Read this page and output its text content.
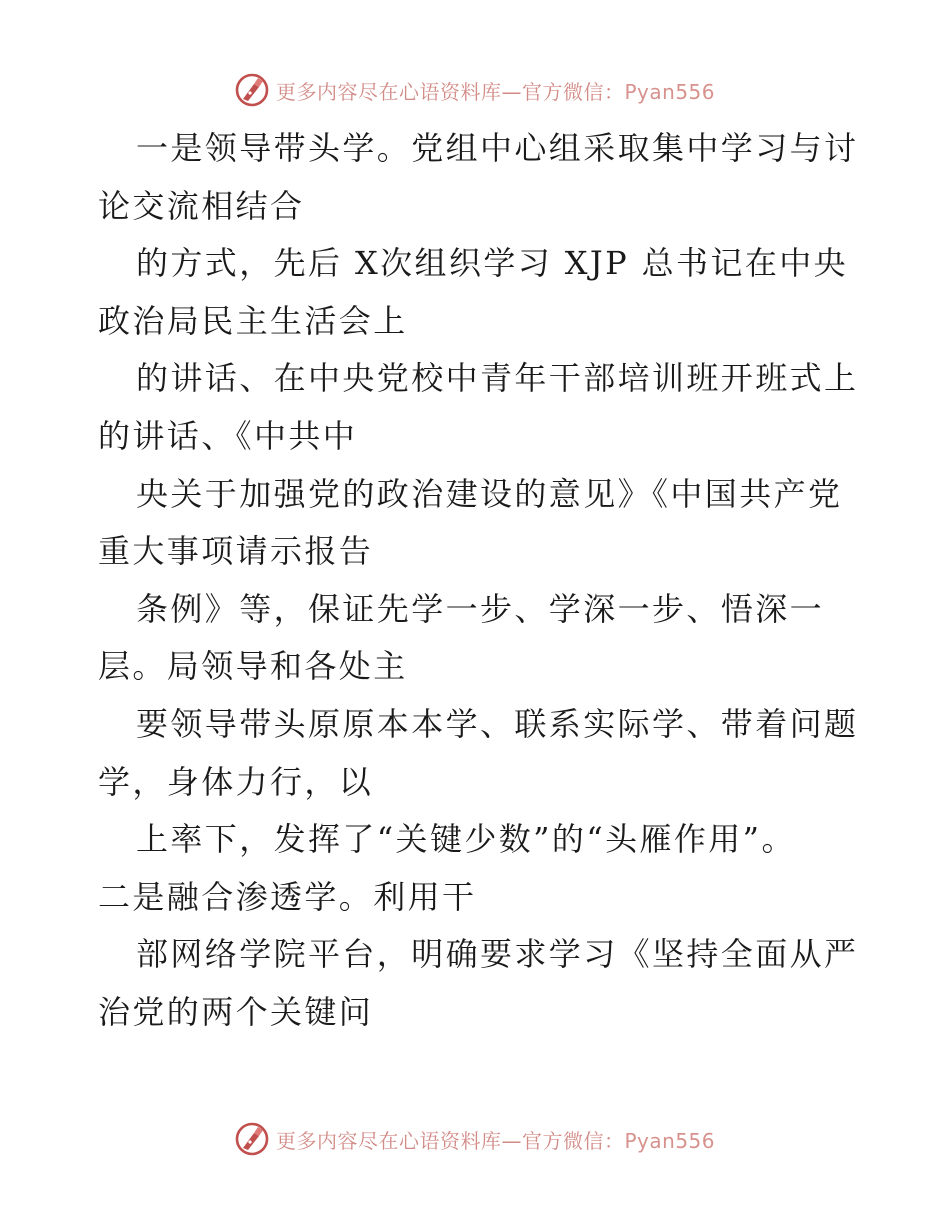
更多内容尽在心语资料库—官方微信：Pyan556
一是领导带头学。党组中心组采取集中学习与讨
论交流相结合
的方式，先后 X次组织学习 XJP 总书记在中央
政治局民主生活会上
的讲话、在中央党校中青年干部培训班开班式上
的讲话、《中共中
央关于加强党的政治建设的意见》《中国共产党
重大事项请示报告
条例》等，保证先学一步、学深一步、悟深一
层。局领导和各处主
要领导带头原原本本学、联系实际学、带着问题
学，身体力行，以
上率下，发挥了“关键少数”的“头雁作用”。
二是融合渗透学。利用干
部网络学院平台，明确要求学习《坚持全面从严
治党的两个关键问
更多内容尽在心语资料库—官方微信：Pyan556
